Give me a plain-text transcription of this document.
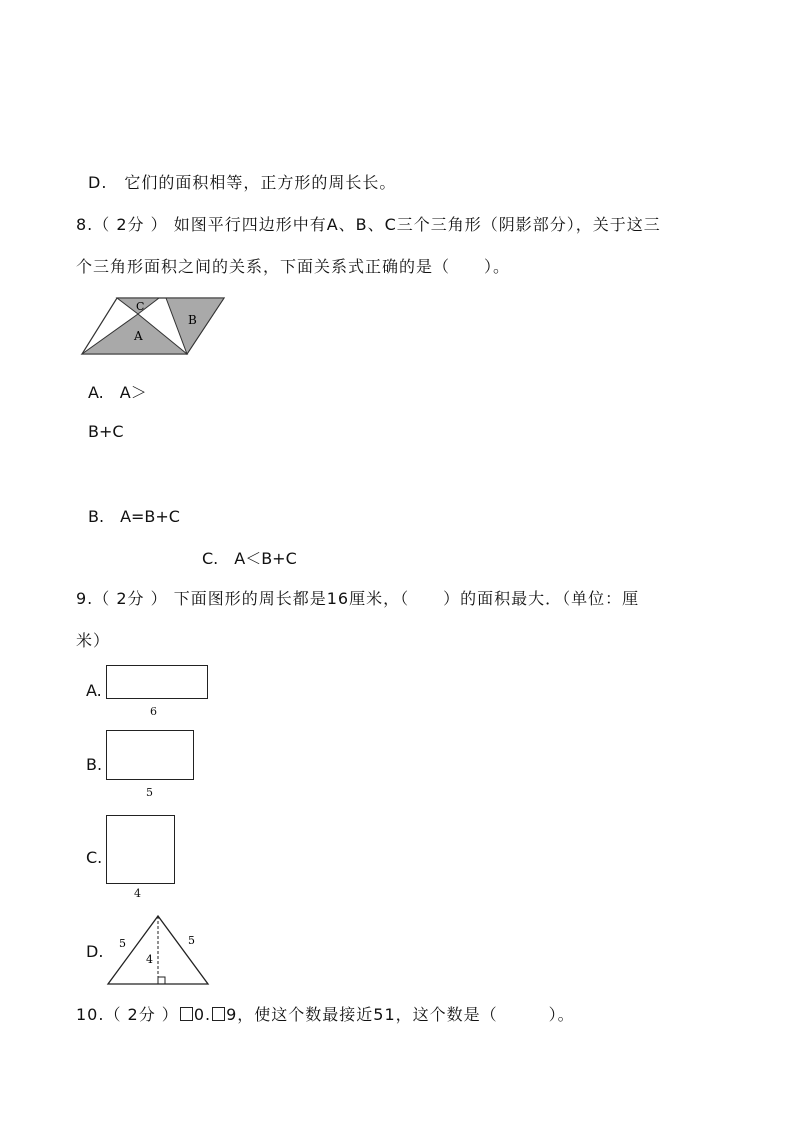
D.　它们的面积相等，正方形的周长长。
8.（ 2分 ） 如图平行四边形中有A、B、C三个三角形（阴影部分），关于这三
个三角形面积之间的关系，下面关系式正确的是（　　）。
A
C
B
A.　A＞
B+C
B.　A=B+C
C.　A＜B+C
9.（ 2分 ） 下面图形的周长都是16厘米，（　　）的面积最大．（单位：厘
米）
A.
6
B.
5
C.
4
D. 5	5
4
10.（ 2分 ） 0. 9，使这个数最接近51，这个数是（　　　）。
